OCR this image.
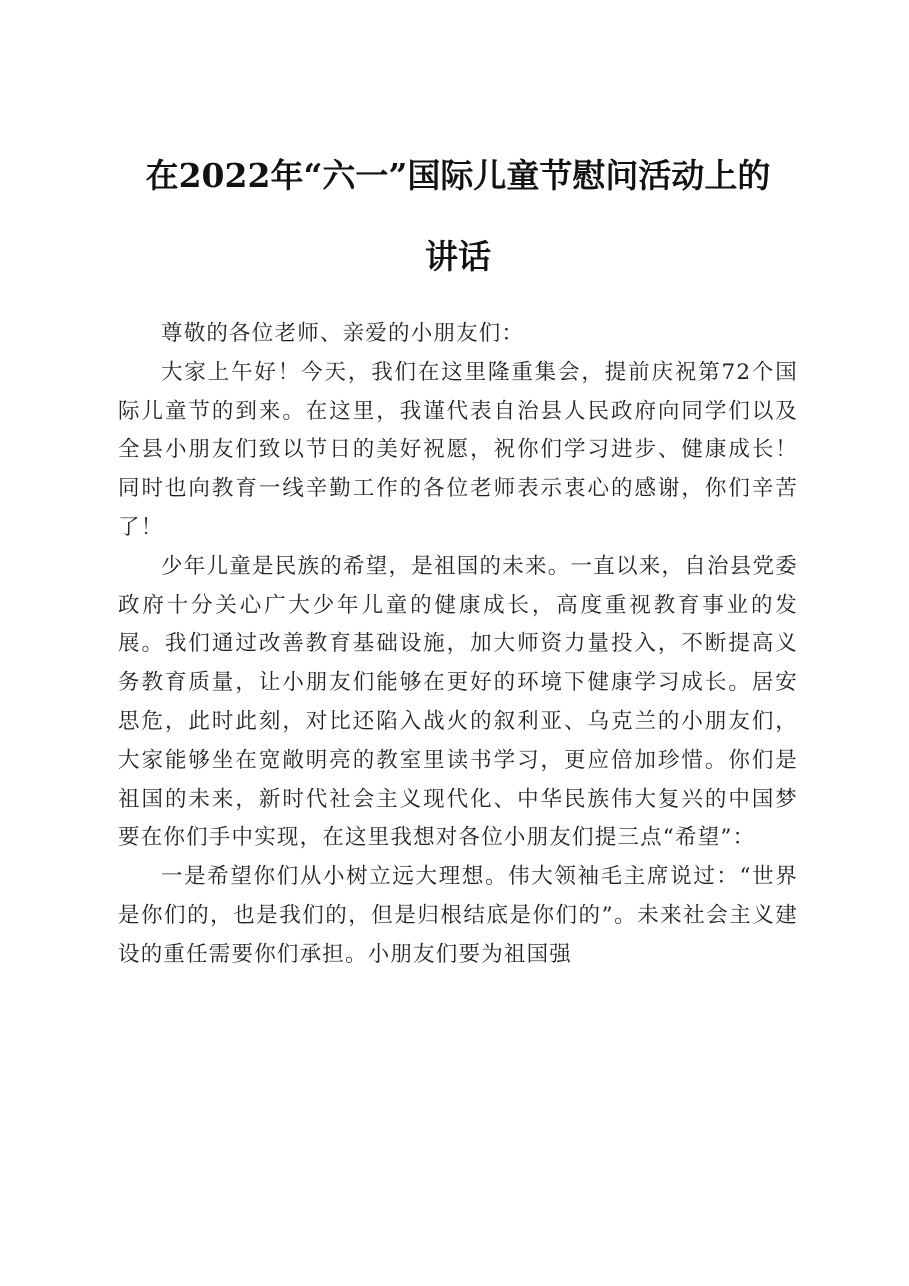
在2022年“六一”国际儿童节慰问活动上的
讲话

尊敬的各位老师、亲爱的小朋友们：

大家上午好！今天，我们在这里隆重集会，提前庆祝第72个国际儿童节的到来。在这里，我谨代表自治县人民政府向同学们以及全县小朋友们致以节日的美好祝愿，祝你们学习进步、健康成长！同时也向教育一线辛勤工作的各位老师表示衷心的感谢，你们辛苦了！

少年儿童是民族的希望，是祖国的未来。一直以来，自治县党委政府十分关心广大少年儿童的健康成长，高度重视教育事业的发展。我们通过改善教育基础设施，加大师资力量投入，不断提高义务教育质量，让小朋友们能够在更好的环境下健康学习成长。居安思危，此时此刻，对比还陷入战火的叙利亚、乌克兰的小朋友们，大家能够坐在宽敞明亮的教室里读书学习，更应倍加珍惜。你们是祖国的未来，新时代社会主义现代化、中华民族伟大复兴的中国梦要在你们手中实现，在这里我想对各位小朋友们提三点“希望”：

一是希望你们从小树立远大理想。伟大领袖毛主席说过：“世界是你们的，也是我们的，但是归根结底是你们的”。未来社会主义建设的重任需要你们承担。小朋友们要为祖国强
